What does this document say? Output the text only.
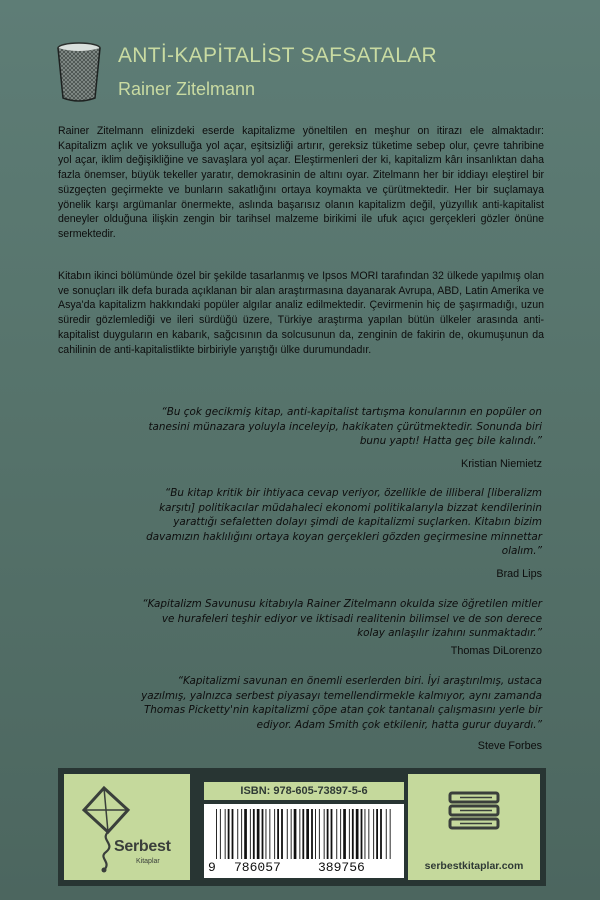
ANTİ-KAPİTALİST SAFSATALAR
Rainer Zitelmann
Rainer Zitelmann elinizdeki eserde kapitalizme yöneltilen en meşhur on itirazı ele almaktadır: Kapitalizm açlık ve yoksulluğa yol açar, eşitsizliği artırır, gereksiz tüketime sebep olur, çevre tahribine yol açar, iklim değişikliğine ve savaşlara yol açar. Eleştirmenleri der ki, kapitalizm kârı insanlıktan daha fazla önemser, büyük tekeller yaratır, demokrasinin de altını oyar. Zitelmann her bir iddiayı eleştirel bir süzgeçten geçirmekte ve bunların sakatlığını ortaya koymakta ve çürütmektedir. Her bir suçlamaya yönelik karşı argümanlar önermekte, aslında başarısız olanın kapitalizm değil, yüzyıllık anti-kapitalist deneyler olduğuna ilişkin zengin bir tarihsel malzeme birikimi ile ufuk açıcı gerçekleri gözler önüne sermektedir.
Kitabın ikinci bölümünde özel bir şekilde tasarlanmış ve Ipsos MORI tarafından 32 ülkede yapılmış olan ve sonuçları ilk defa burada açıklanan bir alan araştırmasına dayanarak Avrupa, ABD, Latin Amerika ve Asya'da kapitalizm hakkındaki popüler algılar analiz edilmektedir. Çevirmenin hiç de şaşırmadığı, uzun süredir gözlemlediği ve ileri sürdüğü üzere, Türkiye araştırma yapılan bütün ülkeler arasında anti-kapitalist duyguların en kabarık, sağcısının da solcusunun da, zenginin de fakirin de, okumuşunun da cahilinin de anti-kapitalistlikte birbiriyle yarıştığı ülke durumundadır.
“Bu çok gecikmiş kitap, anti-kapitalist tartışma konularının en popüler on tanesini münazara yoluyla inceleyip, hakikaten çürütmektedir. Sonunda biri bunu yaptı! Hatta geç bile kalındı.”
Kristian Niemietz
“Bu kitap kritik bir ihtiyaca cevap veriyor, özellikle de illiberal [liberalizm karşıtı] politikacılar müdahaleci ekonomi politikalarıyla bizzat kendilerinin yarattığı sefaletten dolayı şimdi de kapitalizmi suçlarken. Kitabın bizim davamızın haklılığını ortaya koyan gerçekleri gözden geçirmesine minnettar olalım.”
Brad Lips
“Kapitalizm Savunusu kitabıyla Rainer Zitelmann okulda size öğretilen mitler ve hurafeleri teşhir ediyor ve iktisadi realitenin bilimsel ve de son derece kolay anlaşılır izahını sunmaktadır.”
Thomas DiLorenzo
“Kapitalizmi savunan en önemli eserlerden biri. İyi araştırılmış, ustaca yazılmış, yalnızca serbest piyasayı temellendirmekle kalmıyor, aynı zamanda Thomas Picketty'nin kapitalizmi çöpe atan çok tantanalı çalışmasını yerle bir ediyor. Adam Smith çok etkilenir, hatta gurur duyardı.”
Steve Forbes
Serbest
Kitaplar
ISBN: 978-605-73897-5-6
9 786057	389756	serbestkitaplar.com
